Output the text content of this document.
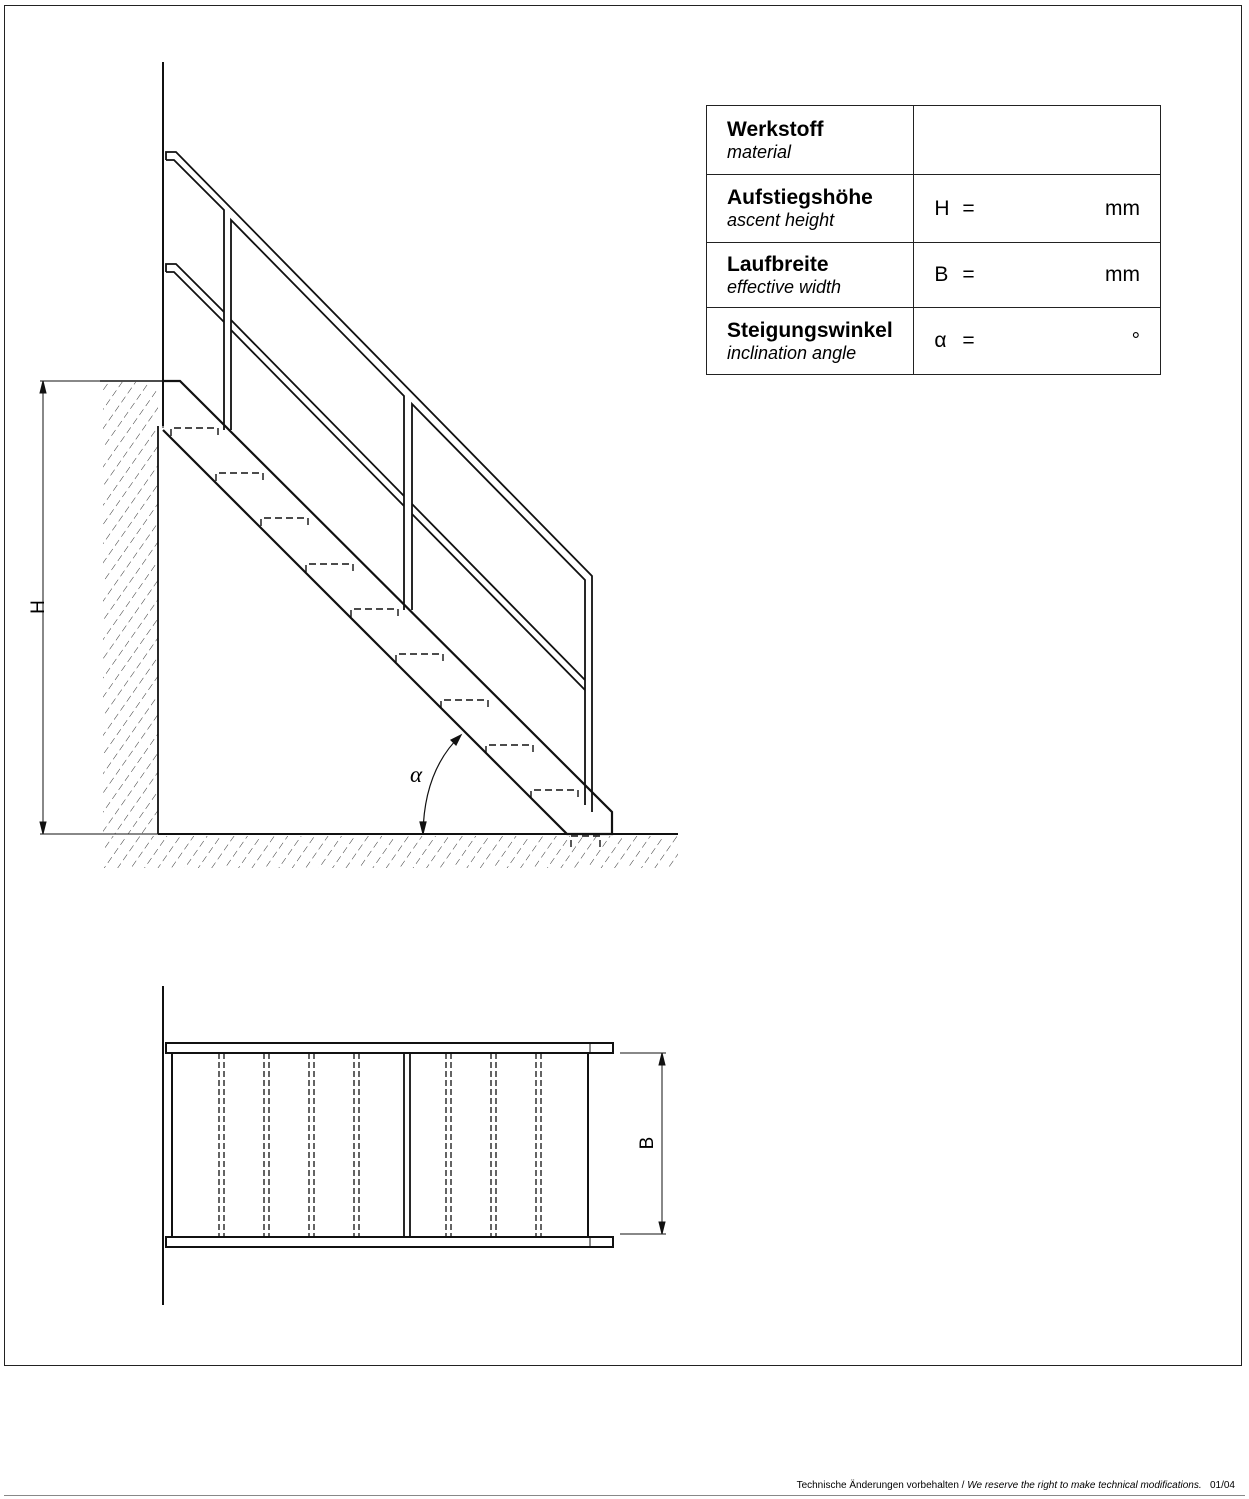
H
α
B
Werkstoff
material	

Aufstiegshöhe
ascent height	H = mm

Laufbreite
effective width	B = mm

Steigungswinkel
inclination angle	α = °
Technische Änderungen vorbehalten / We reserve the right to make technical modifications. 01/04
